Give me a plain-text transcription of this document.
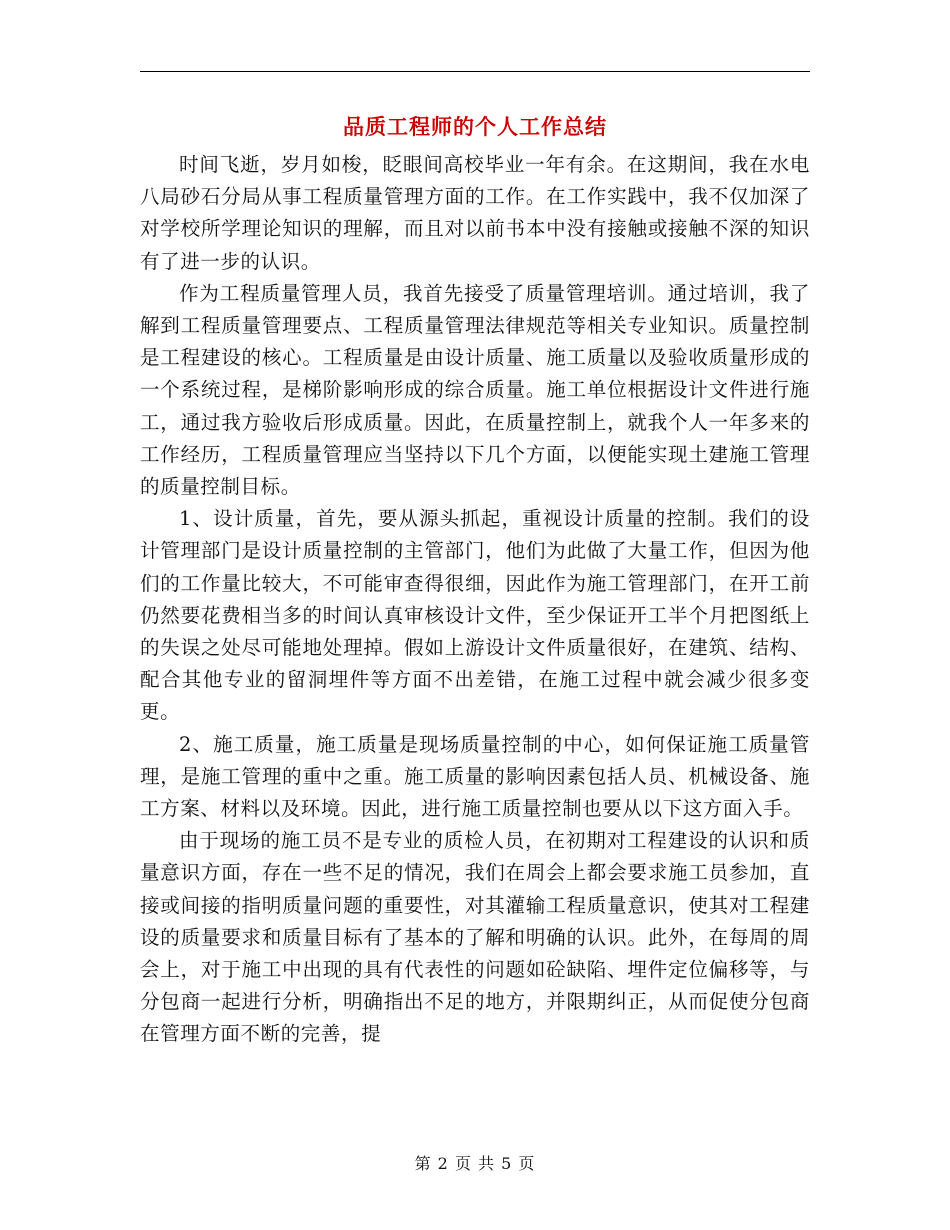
品质工程师的个人工作总结

时间飞逝，岁月如梭，眨眼间高校毕业一年有余。在这期间，我在水电八局砂石分局从事工程质量管理方面的工作。在工作实践中，我不仅加深了对学校所学理论知识的理解，而且对以前书本中没有接触或接触不深的知识有了进一步的认识。

作为工程质量管理人员，我首先接受了质量管理培训。通过培训，我了解到工程质量管理要点、工程质量管理法律规范等相关专业知识。质量控制是工程建设的核心。工程质量是由设计质量、施工质量以及验收质量形成的一个系统过程，是梯阶影响形成的综合质量。施工单位根据设计文件进行施工，通过我方验收后形成质量。因此，在质量控制上，就我个人一年多来的工作经历，工程质量管理应当坚持以下几个方面，以便能实现土建施工管理的质量控制目标。

1、设计质量，首先，要从源头抓起，重视设计质量的控制。我们的设计管理部门是设计质量控制的主管部门，他们为此做了大量工作，但因为他们的工作量比较大，不可能审查得很细，因此作为施工管理部门，在开工前仍然要花费相当多的时间认真审核设计文件，至少保证开工半个月把图纸上的失误之处尽可能地处理掉。假如上游设计文件质量很好，在建筑、结构、配合其他专业的留洞埋件等方面不出差错，在施工过程中就会减少很多变更。

2、施工质量，施工质量是现场质量控制的中心，如何保证施工质量管理，是施工管理的重中之重。施工质量的影响因素包括人员、机械设备、施工方案、材料以及环境。因此，进行施工质量控制也要从以下这方面入手。

由于现场的施工员不是专业的质检人员，在初期对工程建设的认识和质量意识方面，存在一些不足的情况，我们在周会上都会要求施工员参加，直接或间接的指明质量问题的重要性，对其灌输工程质量意识，使其对工程建设的质量要求和质量目标有了基本的了解和明确的认识。此外，在每周的周会上，对于施工中出现的具有代表性的问题如砼缺陷、埋件定位偏移等，与分包商一起进行分析，明确指出不足的地方，并限期纠正，从而促使分包商在管理方面不断的完善，提

第 2 页 共 5 页
